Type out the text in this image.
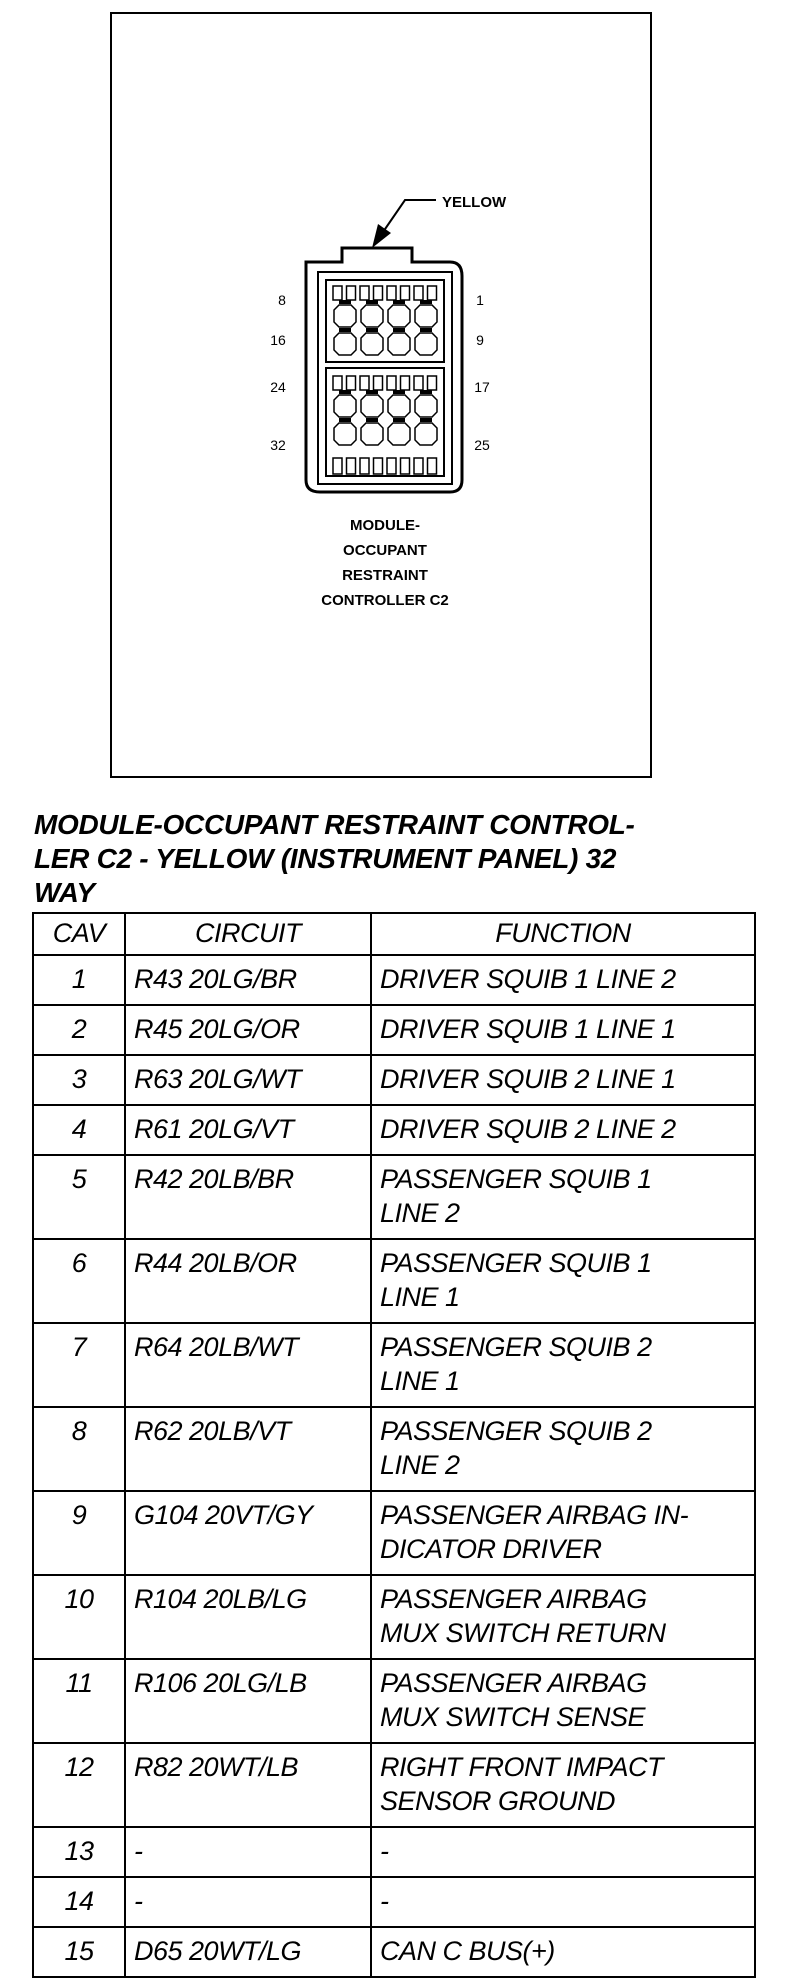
YELLOW
8
16
24
32
1
9
17
25
MODULE-
OCCUPANT
RESTRAINT
CONTROLLER C2
MODULE-OCCUPANT RESTRAINT CONTROL-
LER C2 - YELLOW (INSTRUMENT PANEL) 32
WAY
CAV	CIRCUIT	FUNCTION
1	R43 20LG/BR	DRIVER SQUIB 1 LINE 2
2	R45 20LG/OR	DRIVER SQUIB 1 LINE 1
3	R63 20LG/WT	DRIVER SQUIB 2 LINE 1
4	R61 20LG/VT	DRIVER SQUIB 2 LINE 2
5	R42 20LB/BR	PASSENGER SQUIB 1
LINE 2
6	R44 20LB/OR	PASSENGER SQUIB 1
LINE 1
7	R64 20LB/WT	PASSENGER SQUIB 2
LINE 1
8	R62 20LB/VT	PASSENGER SQUIB 2
LINE 2
9	G104 20VT/GY	PASSENGER AIRBAG IN-
DICATOR DRIVER
10	R104 20LB/LG	PASSENGER AIRBAG
MUX SWITCH RETURN
11	R106 20LG/LB	PASSENGER AIRBAG
MUX SWITCH SENSE
12	R82 20WT/LB	RIGHT FRONT IMPACT
SENSOR GROUND
13	-	-
14	-	-
15	D65 20WT/LG	CAN C BUS(+)
